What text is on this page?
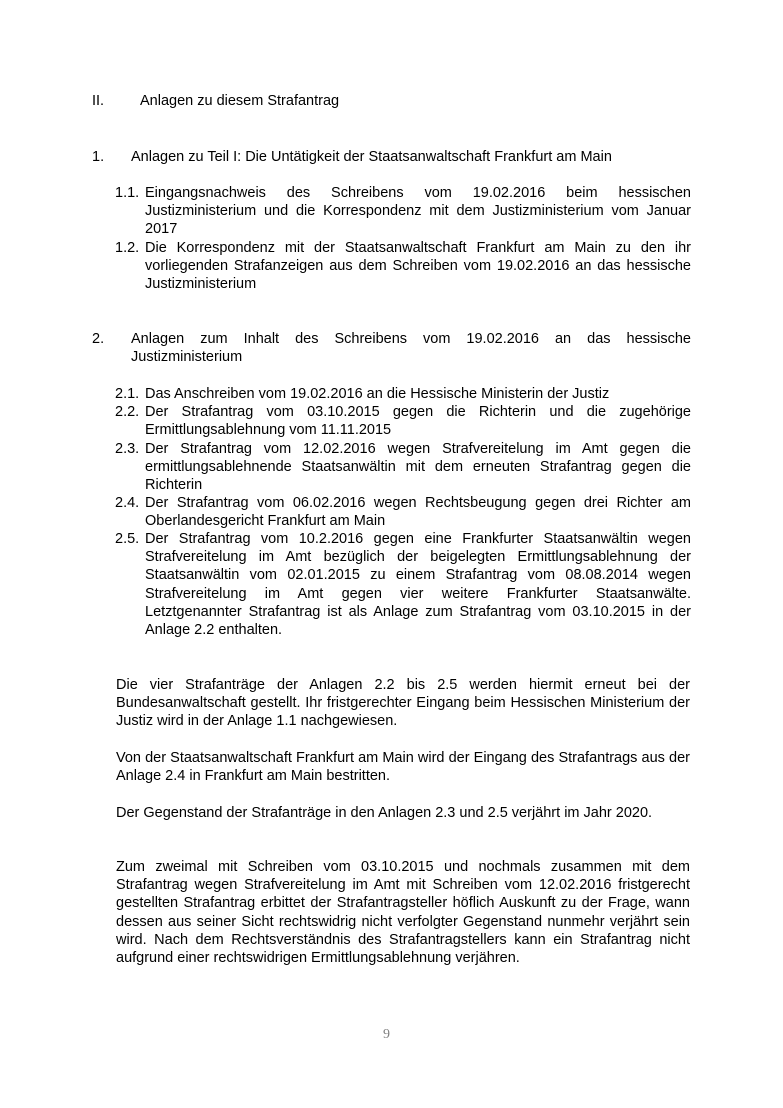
II. Anlagen zu diesem Strafantrag
1. Anlagen zu Teil I: Die Untätigkeit der Staatsanwaltschaft Frankfurt am Main
1.1. Eingangsnachweis des Schreibens vom 19.02.2016 beim hessischen Justizministerium und die Korrespondenz mit dem Justizministerium vom Januar 2017
1.2. Die Korrespondenz mit der Staatsanwaltschaft Frankfurt am Main zu den ihr vorliegenden Strafanzeigen aus dem Schreiben vom 19.02.2016 an das hessische Justizministerium
2. Anlagen zum Inhalt des Schreibens vom 19.02.2016 an das hessische Justizministerium
2.1. Das Anschreiben vom 19.02.2016 an die Hessische Ministerin der Justiz
2.2. Der Strafantrag vom 03.10.2015 gegen die Richterin und die zugehörige Ermittlungsablehnung vom 11.11.2015
2.3. Der Strafantrag vom 12.02.2016 wegen Strafvereitelung im Amt gegen die ermittlungsablehnende Staatsanwältin mit dem erneuten Strafantrag gegen die Richterin
2.4. Der Strafantrag vom 06.02.2016 wegen Rechtsbeugung gegen drei Richter am Oberlandesgericht Frankfurt am Main
2.5. Der Strafantrag vom 10.2.2016 gegen eine Frankfurter Staatsanwältin wegen Strafvereitelung im Amt bezüglich der beigelegten Ermittlungsablehnung der Staatsanwältin vom 02.01.2015 zu einem Strafantrag vom 08.08.2014 wegen Strafvereitelung im Amt gegen vier weitere Frankfurter Staatsanwälte. Letztgenannter Strafantrag ist als Anlage zum Strafantrag vom 03.10.2015 in der Anlage 2.2 enthalten.
Die vier Strafanträge der Anlagen 2.2 bis 2.5 werden hiermit erneut bei der Bundesanwaltschaft gestellt. Ihr fristgerechter Eingang beim Hessischen Ministerium der Justiz wird in der Anlage 1.1 nachgewiesen.
Von der Staatsanwaltschaft Frankfurt am Main wird der Eingang des Strafantrags aus der Anlage 2.4 in Frankfurt am Main bestritten.
Der Gegenstand der Strafanträge in den Anlagen 2.3 und 2.5 verjährt im Jahr 2020.
Zum zweimal mit Schreiben vom 03.10.2015 und nochmals zusammen mit dem Strafantrag wegen Strafvereitelung im Amt mit Schreiben vom 12.02.2016 fristgerecht gestellten Strafantrag erbittet der Strafantragsteller höflich Auskunft zu der Frage, wann dessen aus seiner Sicht rechtswidrig nicht verfolgter Gegenstand nunmehr verjährt sein wird. Nach dem Rechtsverständnis des Strafantragstellers kann ein Strafantrag nicht aufgrund einer rechtswidrigen Ermittlungsablehnung verjähren.
9
